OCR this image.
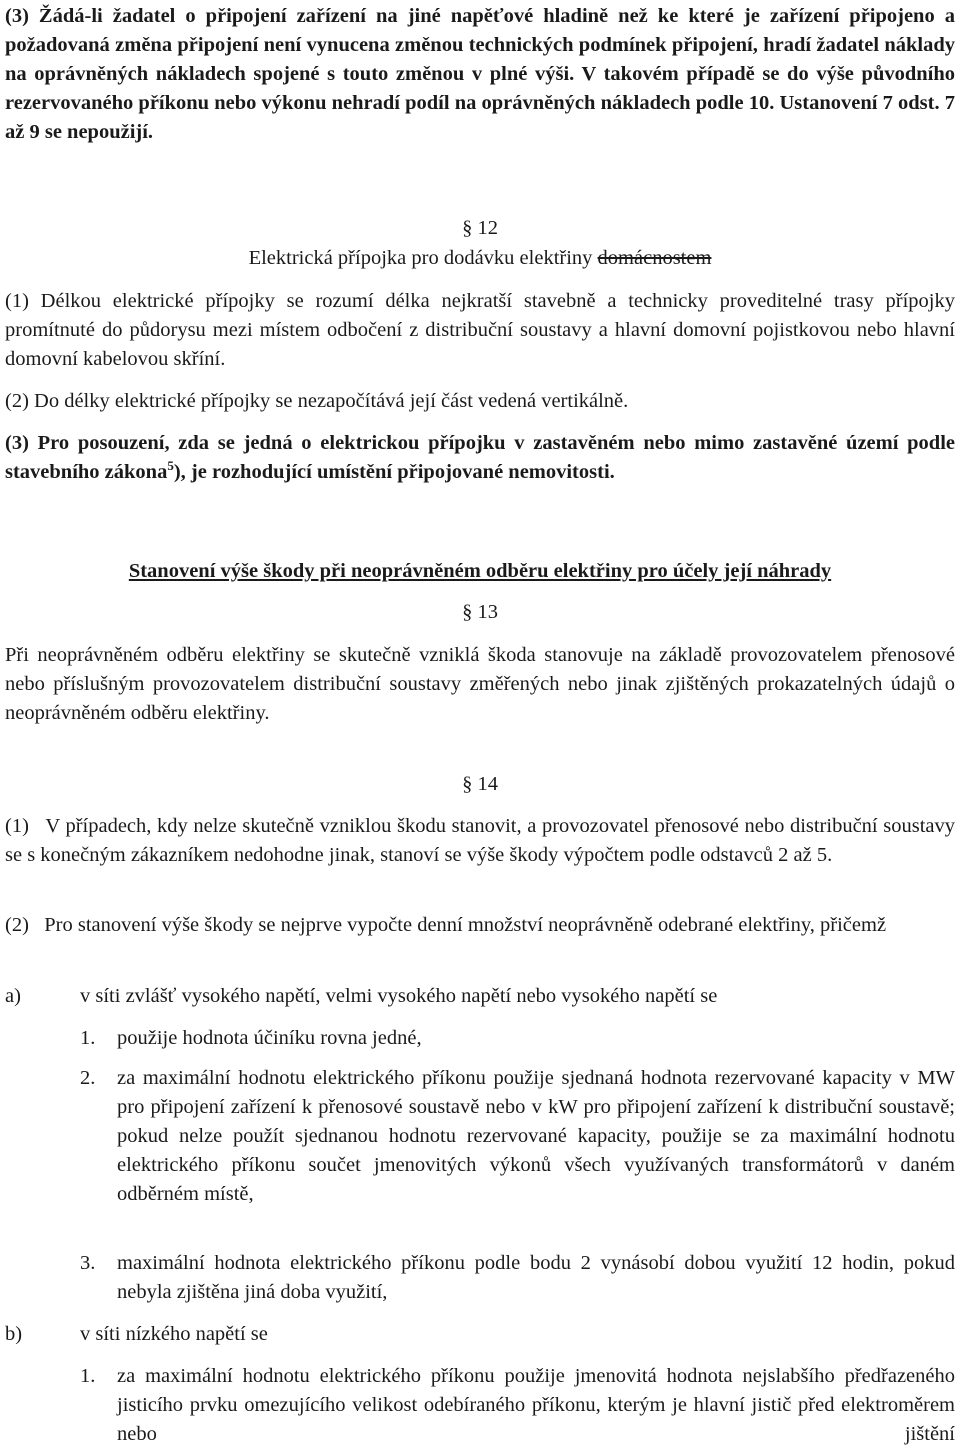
(3) Žádá-li žadatel o připojení zařízení na jiné napěťové hladině než ke které je zařízení připojeno a požadovaná změna připojení není vynucena změnou technických podmínek připojení, hradí žadatel náklady na oprávněných nákladech spojené s touto změnou v plné výši. V takovém případě se do výše původního rezervovaného příkonu nebo výkonu nehradí podíl na oprávněných nákladech podle 10. Ustanovení 7 odst. 7 až 9 se nepoužijí.

§ 12
Elektrická přípojka pro dodávku elektřiny domácnostem

(1) Délkou elektrické přípojky se rozumí délka nejkratší stavebně a technicky proveditelné trasy přípojky promítnuté do půdorysu mezi místem odbočení z distribuční soustavy a hlavní domovní pojistkovou nebo hlavní domovní kabelovou skříní.

(2) Do délky elektrické přípojky se nezapočítává její část vedená vertikálně.

(3) Pro posouzení, zda se jedná o elektrickou přípojku v zastavěném nebo mimo zastavěné území podle stavebního zákona$^5$), je rozhodující umístění připojované nemovitosti.

Stanovení výše škody při neoprávněném odběru elektřiny pro účely její náhrady
§ 13

Při neoprávněném odběru elektřiny se skutečně vzniklá škoda stanovuje na základě provozovatelem přenosové nebo příslušným provozovatelem distribuční soustavy změřených nebo jinak zjištěných prokazatelných údajů o neoprávněném odběru elektřiny.

§ 14

(1)   V případech, kdy nelze skutečně vzniklou škodu stanovit, a provozovatel přenosové nebo distribuční soustavy se s konečným zákazníkem nedohodne jinak, stanoví se výše škody výpočtem podle odstavců 2 až 5.

(2)   Pro stanovení výše škody se nejprve vypočte denní množství neoprávněně odebrané elektřiny, přičemž

a)	v síti zvlášť vysokého napětí, velmi vysokého napětí nebo vysokého napětí se
1. použije hodnota účiníku rovna jedné,
2. za maximální hodnotu elektrického příkonu použije sjednaná hodnota rezervované kapacity v MW pro připojení zařízení k přenosové soustavě nebo v kW pro připojení zařízení k distribuční soustavě; pokud nelze použít sjednanou hodnotu rezervované kapacity, použije se za maximální hodnotu elektrického příkonu součet jmenovitých výkonů všech využívaných transformátorů v daném odběrném místě,
3. maximální hodnota elektrického příkonu podle bodu 2 vynásobí dobou využití 12 hodin, pokud nebyla zjištěna jiná doba využití,
b)	v síti nízkého napětí se
1. za maximální hodnotu elektrického příkonu použije jmenovitá hodnota nejslabšího předřazeného jisticího prvku omezujícího velikost odebíraného příkonu, kterým je hlavní jistič před elektroměrem nebo jištění
